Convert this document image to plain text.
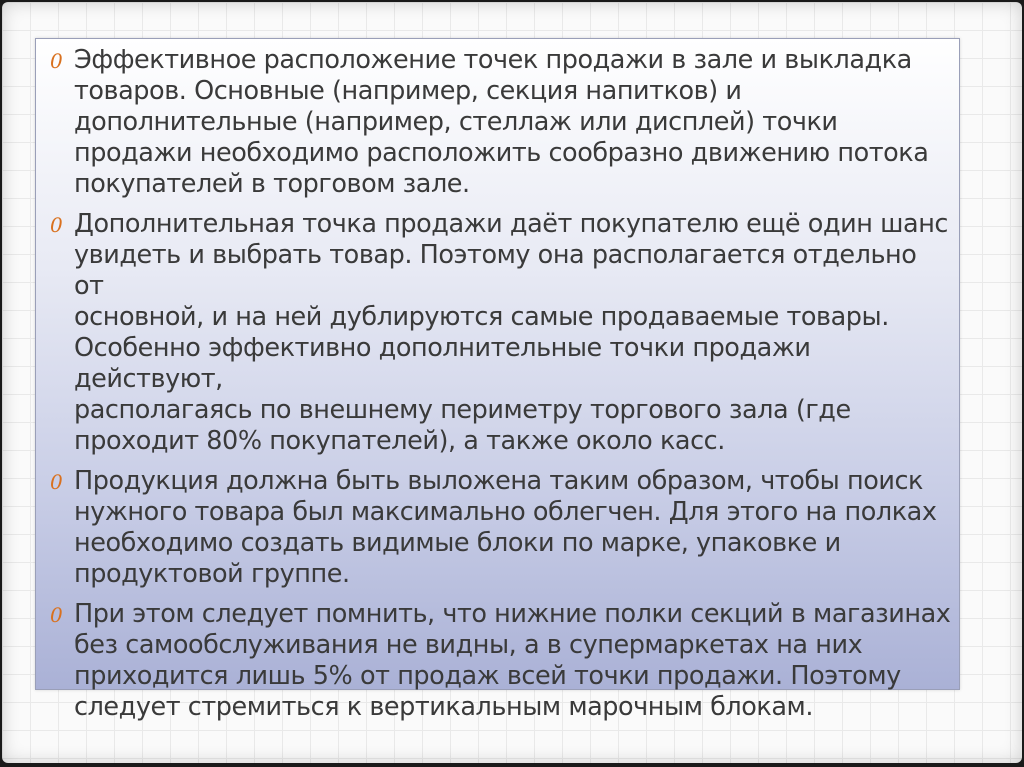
0 Эффективное расположение точек продажи в зале и выкладка
товаров. Основные (например, секция напитков) и
дополнительные (например, стеллаж или дисплей) точки
продажи необходимо расположить сообразно движению потока
покупателей в торговом зале.
0 Дополнительная точка продажи даёт покупателю ещё один шанс
увидеть и выбрать товар. Поэтому она располагается отдельно от
основной, и на ней дублируются самые продаваемые товары.
Особенно эффективно дополнительные точки продажи действуют,
располагаясь по внешнему периметру торгового зала (где
проходит 80% покупателей), а также около касс.
0 Продукция должна быть выложена таким образом, чтобы поиск
нужного товара был максимально облегчен. Для этого на полках
необходимо создать видимые блоки по марке, упаковке и
продуктовой группе.
0 При этом следует помнить, что нижние полки секций в магазинах
без самообслуживания не видны, а в супермаркетах на них
приходится лишь 5% от продаж всей точки продажи. Поэтому
следует стремиться к вертикальным марочным блокам.
